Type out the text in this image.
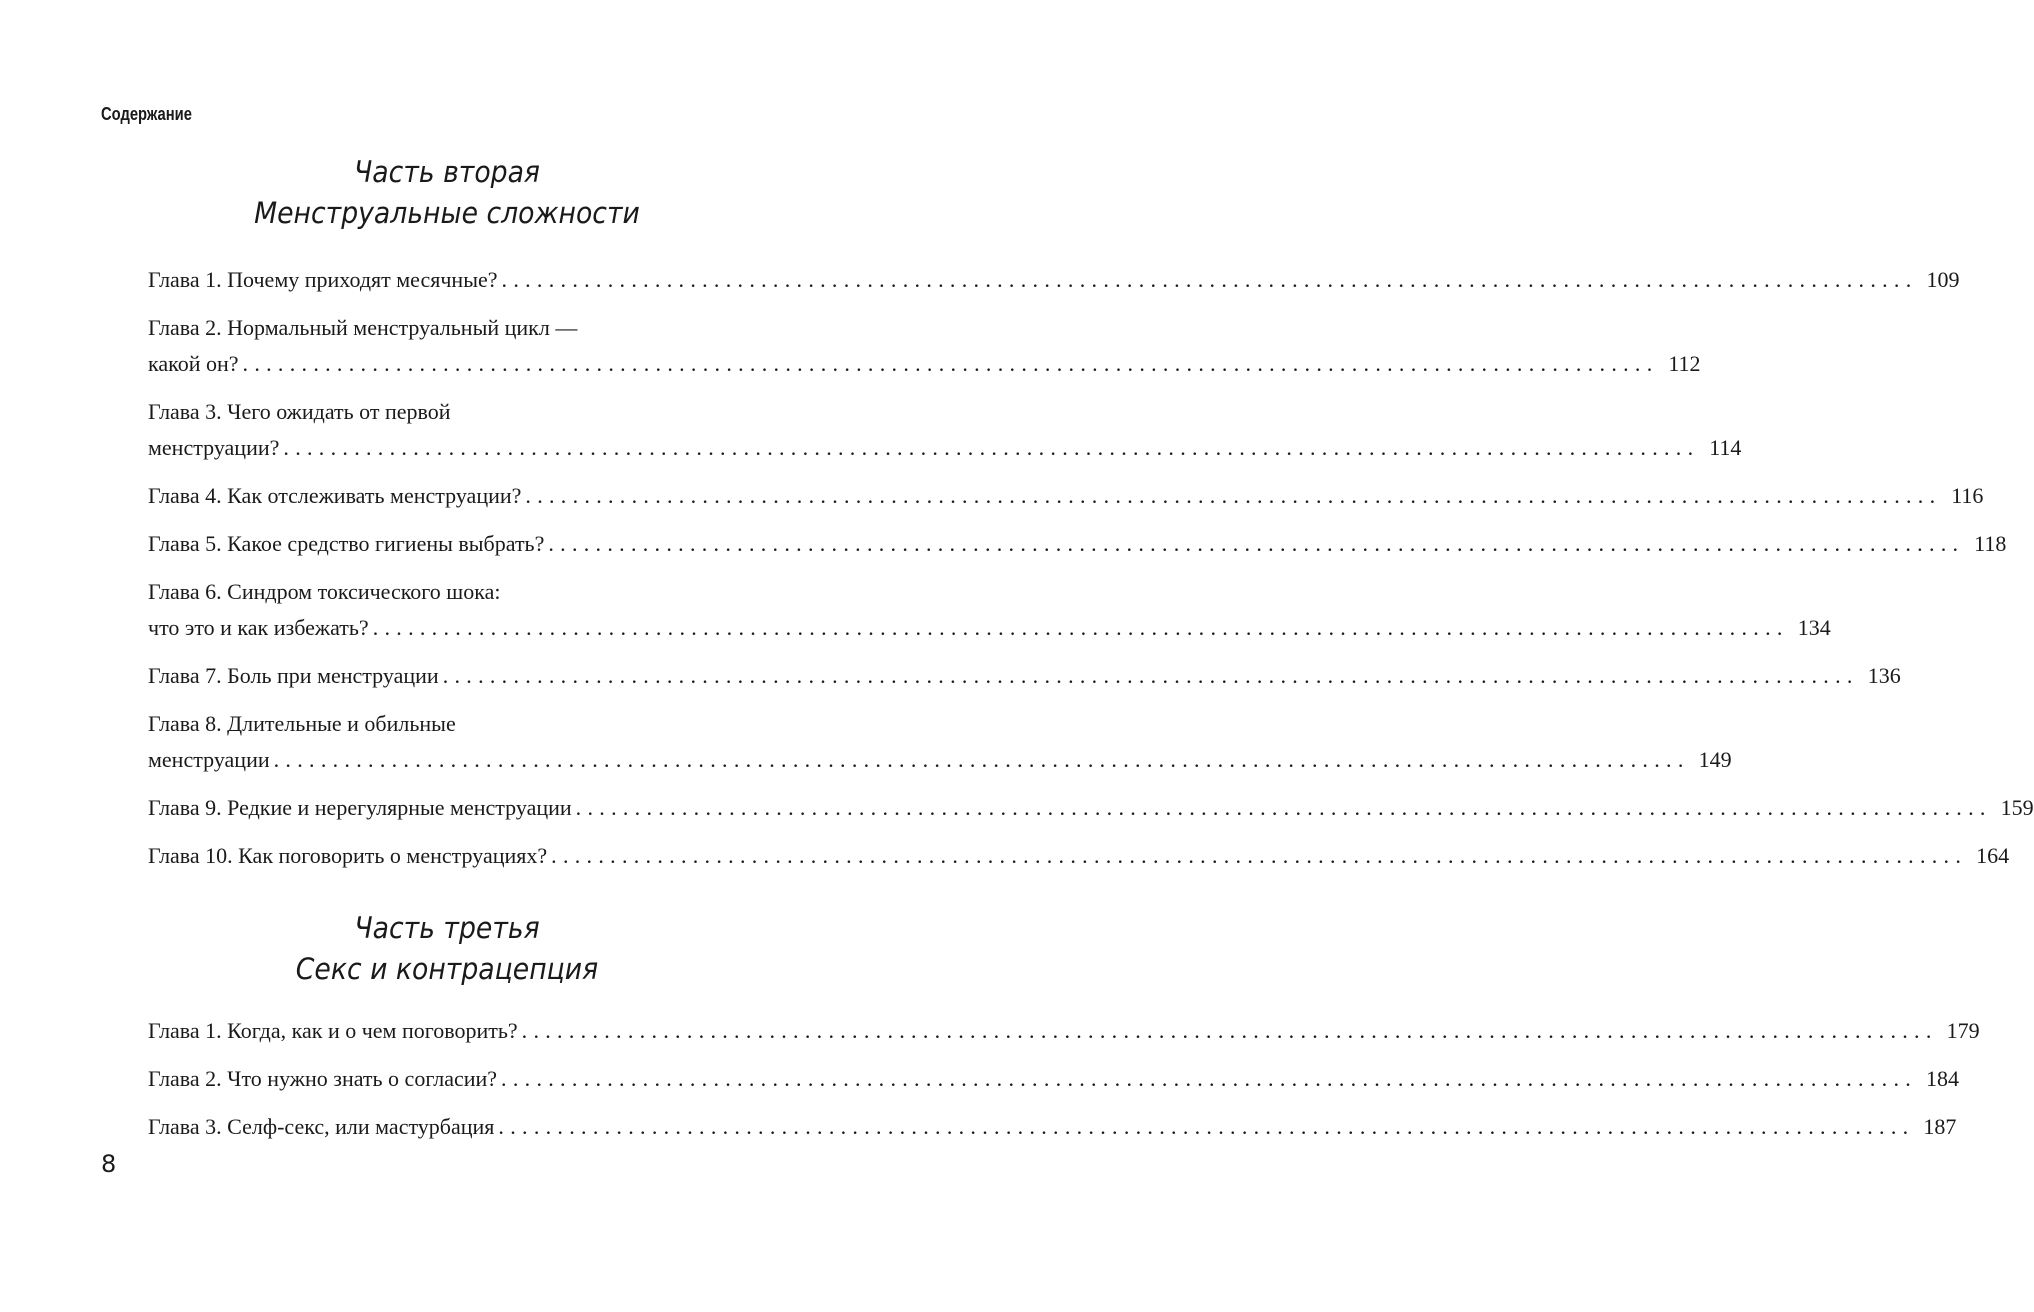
Содержание
Часть вторая
Менструальные сложности
Глава 1. Почему приходят месячные? ........................................................................................................................ 109
Глава 2. Нормальный менструальный цикл —
какой он? ........................................................................................................................ 112
Глава 3. Чего ожидать от первой
менструации? ........................................................................................................................ 114
Глава 4. Как отслеживать менструации? ........................................................................................................................ 116
Глава 5. Какое средство гигиены выбрать? ........................................................................................................................ 118
Глава 6. Синдром токсического шока:
что это и как избежать? ........................................................................................................................ 134
Глава 7. Боль при менструации ........................................................................................................................ 136
Глава 8. Длительные и обильные
менструации ........................................................................................................................ 149
Глава 9. Редкие и нерегулярные менструации ........................................................................................................................ 159
Глава 10. Как поговорить о менструациях? ........................................................................................................................ 164
Часть третья
Секс и контрацепция
Глава 1. Когда, как и о чем поговорить? ........................................................................................................................ 179
Глава 2. Что нужно знать о согласии? ........................................................................................................................ 184
Глава 3. Селф-секс, или мастурбация ........................................................................................................................ 187
8
